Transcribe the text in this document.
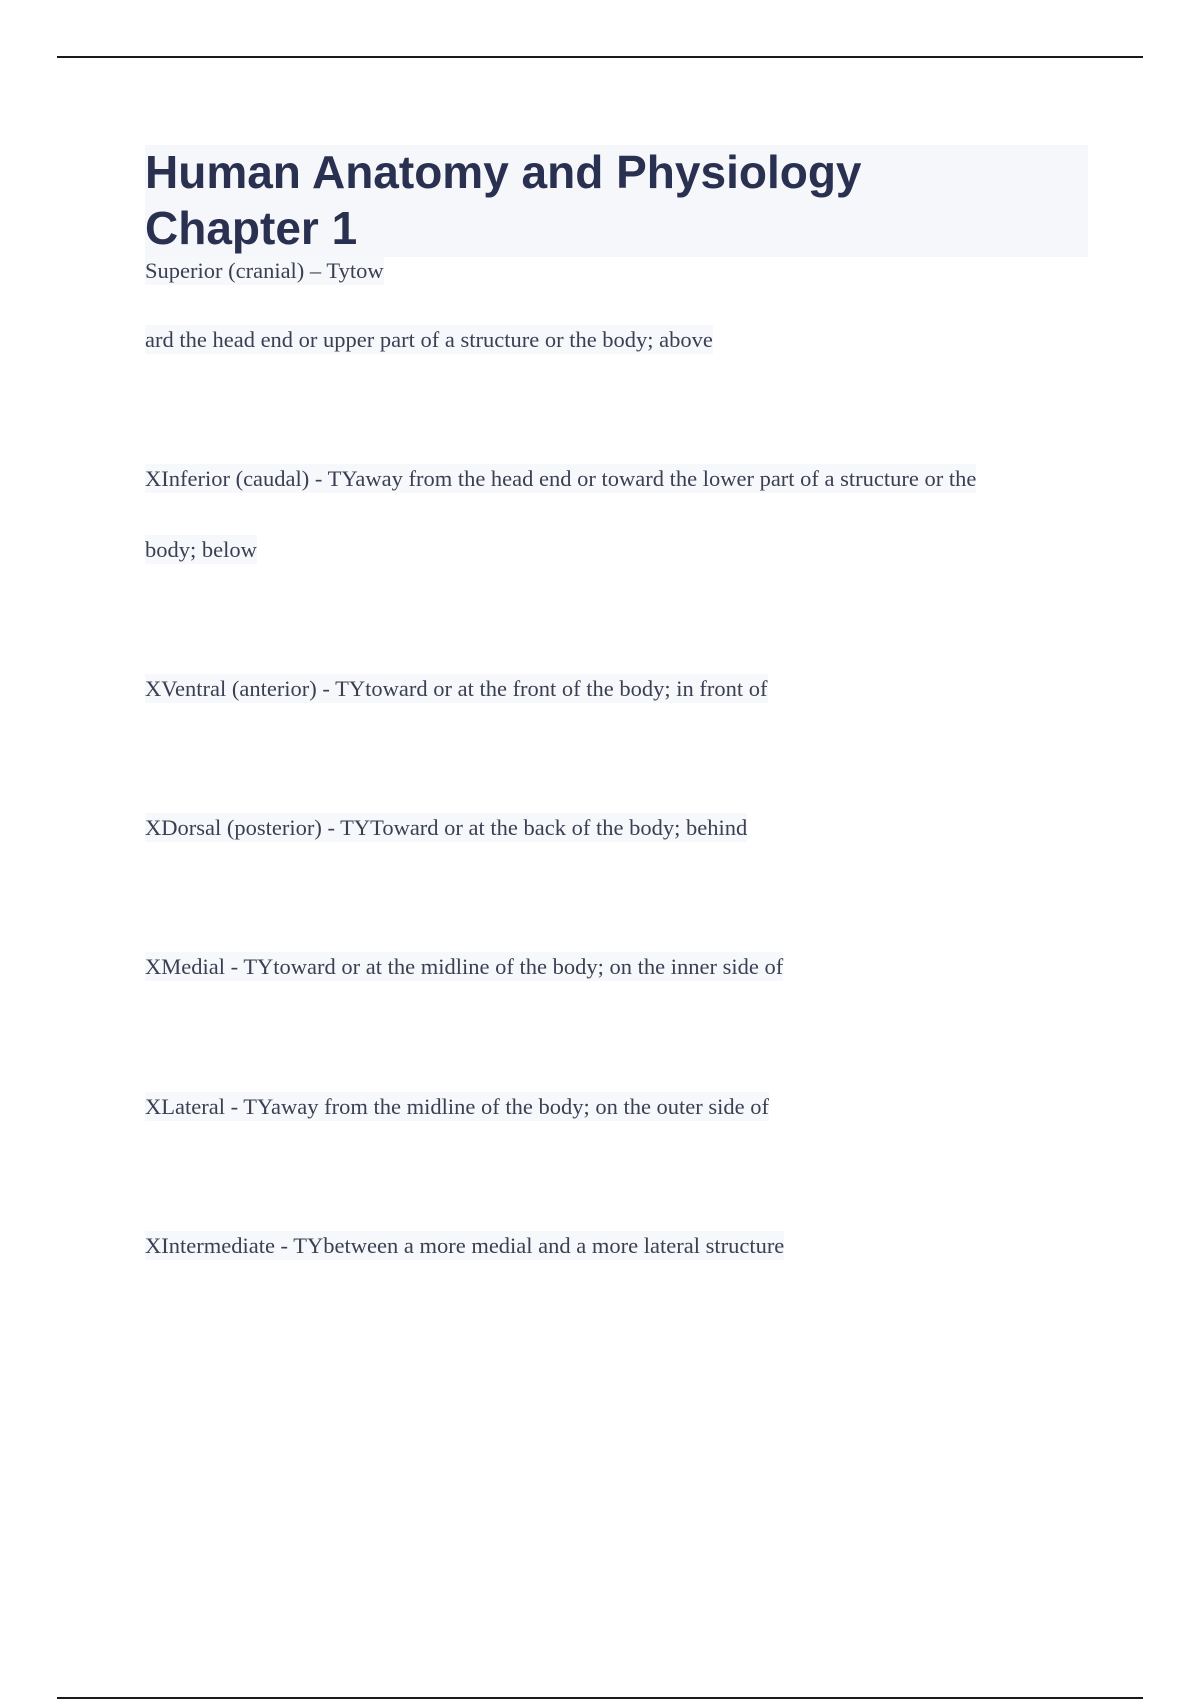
Human Anatomy and Physiology
Chapter 1
Superior (cranial) – Tytow
ard the head end or upper part of a structure or the body; above
XInferior (caudal) - TYaway from the head end or toward the lower part of a structure or the
body; below
XVentral (anterior) - TYtoward or at the front of the body; in front of
XDorsal (posterior) - TYToward or at the back of the body; behind
XMedial - TYtoward or at the midline of the body; on the inner side of
XLateral - TYaway from the midline of the body; on the outer side of
XIntermediate - TYbetween a more medial and a more lateral structure
